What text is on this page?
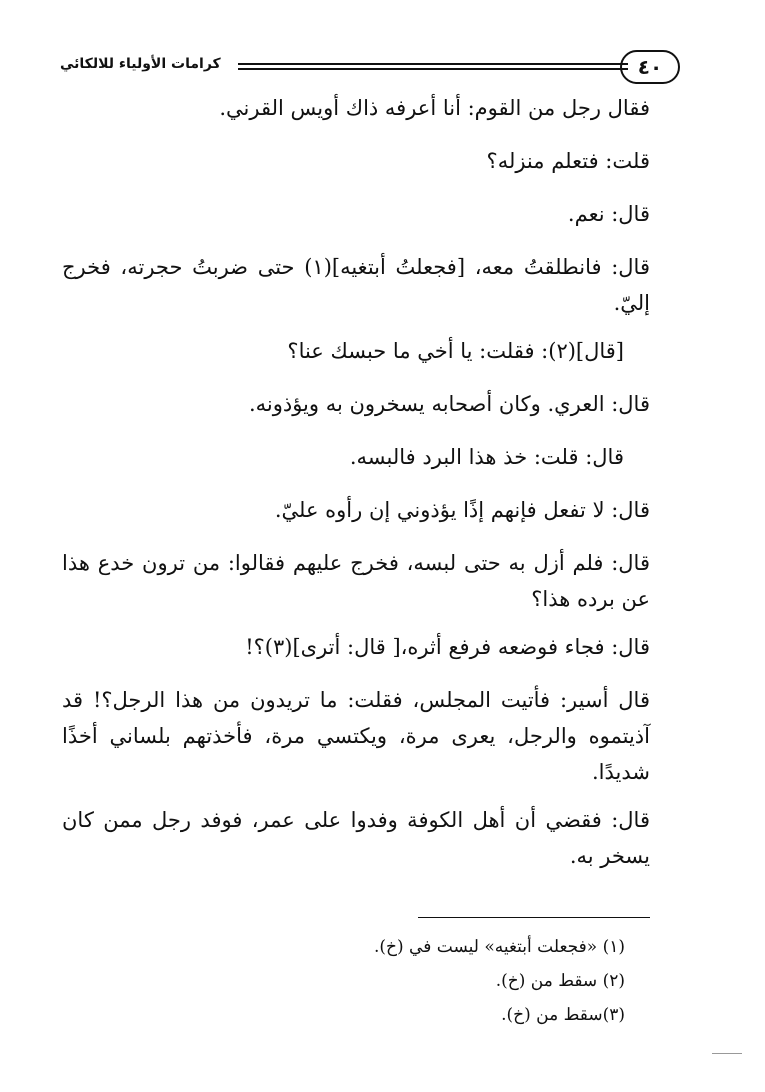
كرامات الأولياء للالكائي	٤٠

فقال رجل من القوم: أنا أعرفه ذاك أويس القرني.

قلت: فتعلم منزله؟

قال: نعم.

قال: فانطلقتُ معه، [فجعلتُ أبتغيه](١) حتى ضربتُ حجرته، فخرج إليّ.

[قال](٢): فقلت: يا أخي ما حبسك عنا؟

قال: العري. وكان أصحابه يسخرون به ويؤذونه.

قال: قلت: خذ هذا البرد فالبسه.

قال: لا تفعل فإنهم إذًا يؤذوني إن رأوه عليّ.

قال: فلم أزل به حتى لبسه، فخرج عليهم فقالوا: من ترون خدع هذا عن برده هذا؟

قال: فجاء فوضعه فرفع أثره،[ قال: أترى](٣)؟!

قال أسير: فأتيت المجلس، فقلت: ما تريدون من هذا الرجل؟! قد آذيتموه والرجل، يعرى مرة، ويكتسي مرة، فأخذتهم بلساني أخذًا شديدًا.

قال: فقضي أن أهل الكوفة وفدوا على عمر، فوفد رجل ممن كان يسخر به.

(١) «فجعلت أبتغيه» ليست في (خ).
(٢) سقط من (خ).
(٣)سقط من (خ).
